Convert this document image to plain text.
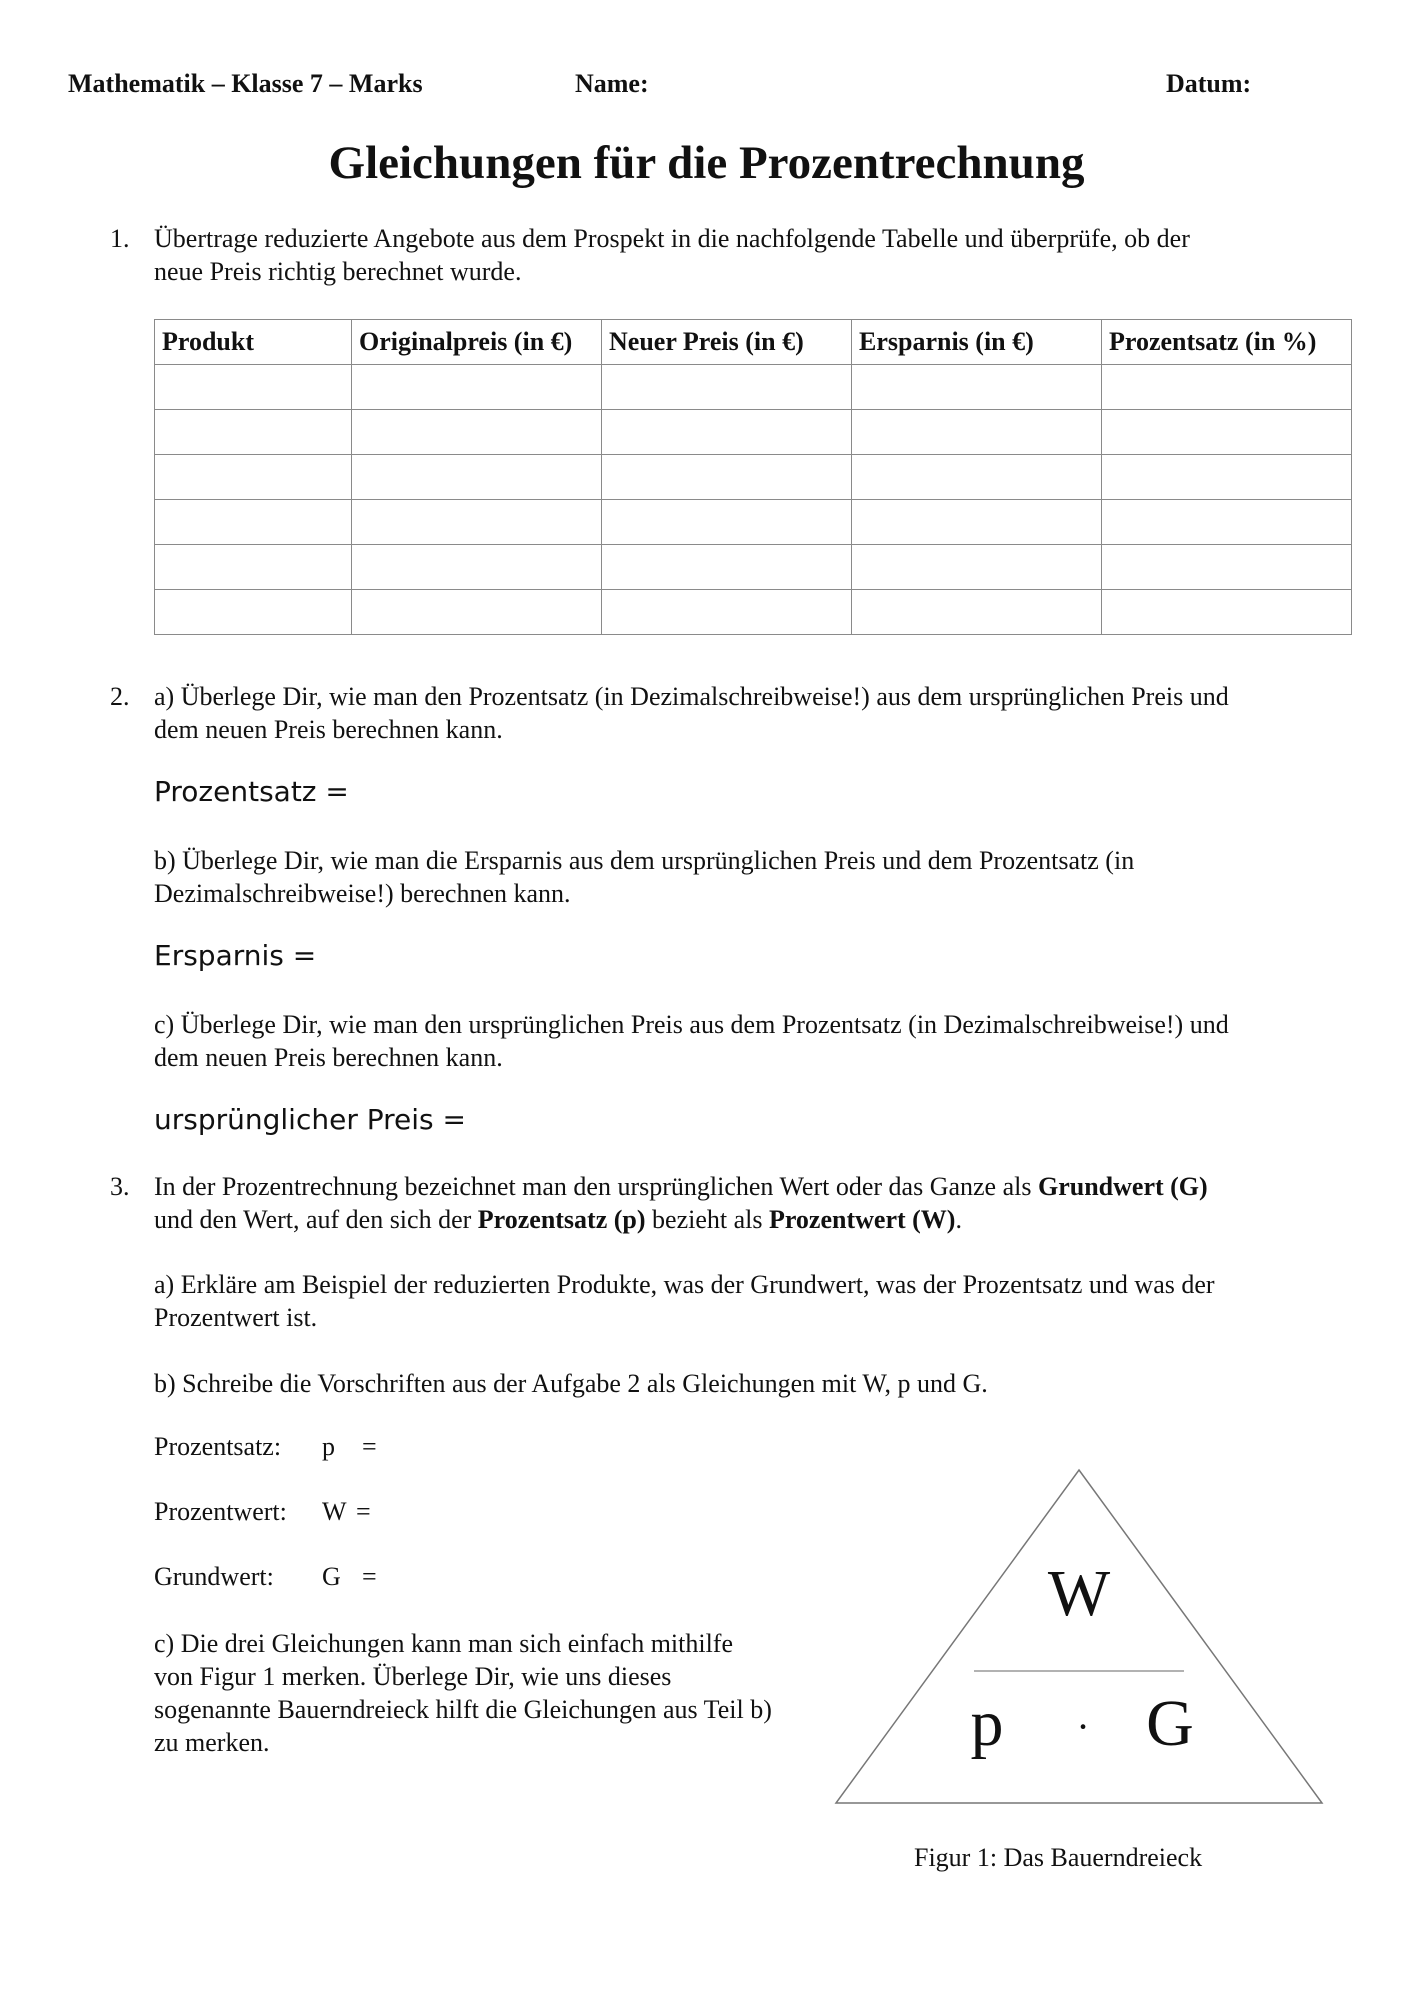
Mathematik – Klasse 7 – Marks	Name:	Datum:
Gleichungen für die Prozentrechnung
1. Übertrage reduzierte Angebote aus dem Prospekt in die nachfolgende Tabelle und überprüfe, ob der
neue Preis richtig berechnet wurde.
Produkt	Originalpreis (in €)	Neuer Preis (in €)	Ersparnis (in €)	Prozentsatz (in %)

2. a) Überlege Dir, wie man den Prozentsatz (in Dezimalschreibweise!) aus dem ursprünglichen Preis und
dem neuen Preis berechnen kann.
Prozentsatz =
b) Überlege Dir, wie man die Ersparnis aus dem ursprünglichen Preis und dem Prozentsatz (in
Dezimalschreibweise!) berechnen kann.
Ersparnis =
c) Überlege Dir, wie man den ursprünglichen Preis aus dem Prozentsatz (in Dezimalschreibweise!) und
dem neuen Preis berechnen kann.
ursprünglicher Preis =
3. In der Prozentrechnung bezeichnet man den ursprünglichen Wert oder das Ganze als Grundwert (G)
und den Wert, auf den sich der Prozentsatz (p) bezieht als Prozentwert (W).
a) Erkläre am Beispiel der reduzierten Produkte, was der Grundwert, was der Prozentsatz und was der
Prozentwert ist.
b) Schreibe die Vorschriften aus der Aufgabe 2 als Gleichungen mit W, p und G.
Prozentsatz: p =
Prozentwert: W =
Grundwert: G =
c) Die drei Gleichungen kann man sich einfach mithilfe
von Figur 1 merken. Überlege Dir, wie uns dieses
sogenannte Bauerndreieck hilft die Gleichungen aus Teil b)
zu merken.
W
p · G
Figur 1: Das Bauerndreieck
